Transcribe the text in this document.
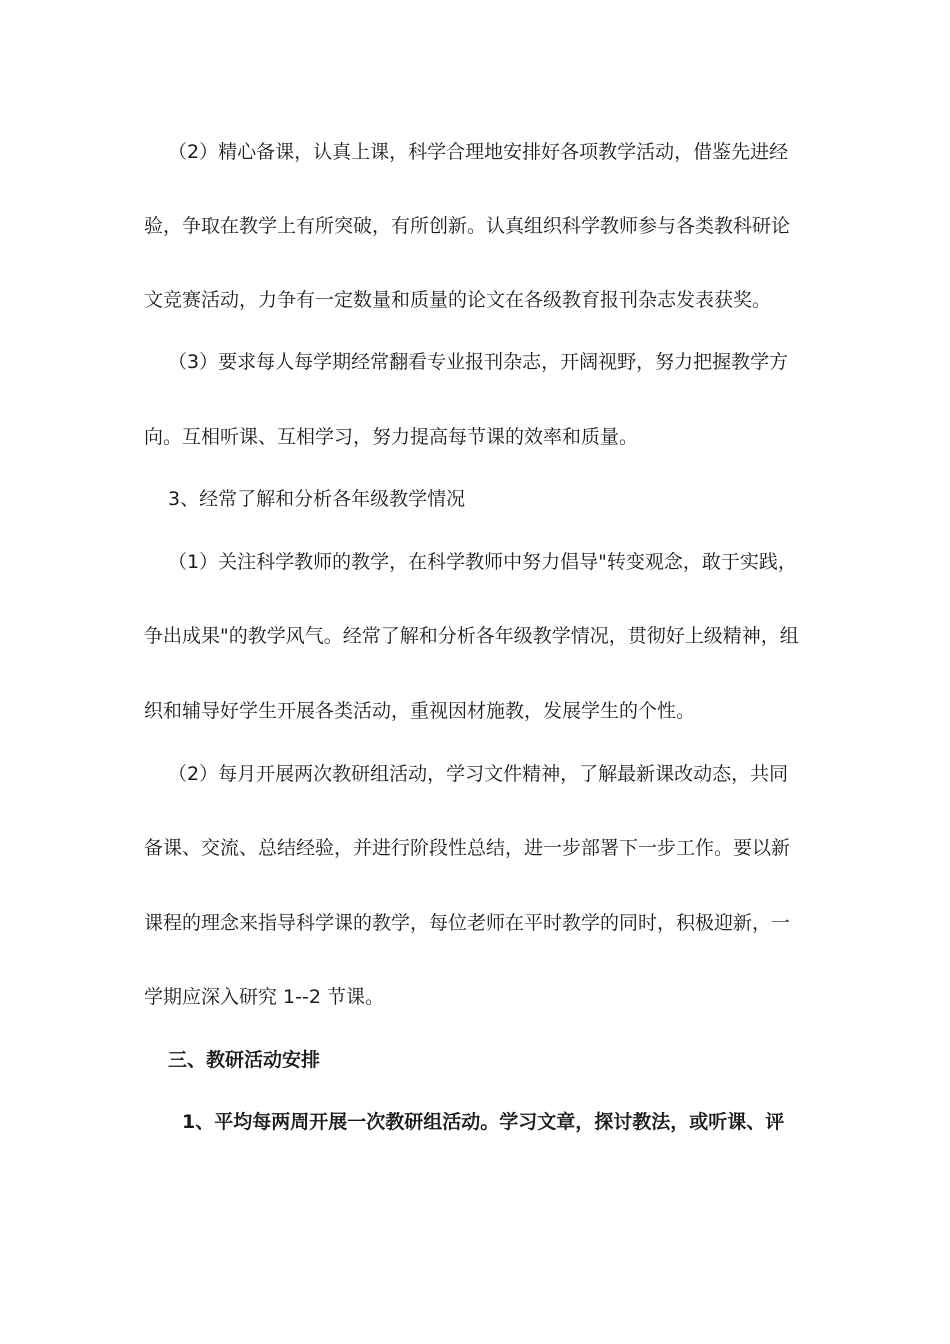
（2）精心备课，认真上课，科学合理地安排好各项教学活动，借鉴先进经
验，争取在教学上有所突破，有所创新。认真组织科学教师参与各类教科研论
文竞赛活动，力争有一定数量和质量的论文在各级教育报刊杂志发表获奖。
（3）要求每人每学期经常翻看专业报刊杂志，开阔视野，努力把握教学方
向。互相听课、互相学习，努力提高每节课的效率和质量。
3、经常了解和分析各年级教学情况
（1）关注科学教师的教学，在科学教师中努力倡导"转变观念，敢于实践，
争出成果"的教学风气。经常了解和分析各年级教学情况，贯彻好上级精神，组
织和辅导好学生开展各类活动，重视因材施教，发展学生的个性。
（2）每月开展两次教研组活动，学习文件精神，了解最新课改动态，共同
备课、交流、总结经验，并进行阶段性总结，进一步部署下一步工作。要以新
课程的理念来指导科学课的教学，每位老师在平时教学的同时，积极迎新，一
学期应深入研究 1--2 节课。
三、教研活动安排
1、平均每两周开展一次教研组活动。学习文章，探讨教法，或听课、评
